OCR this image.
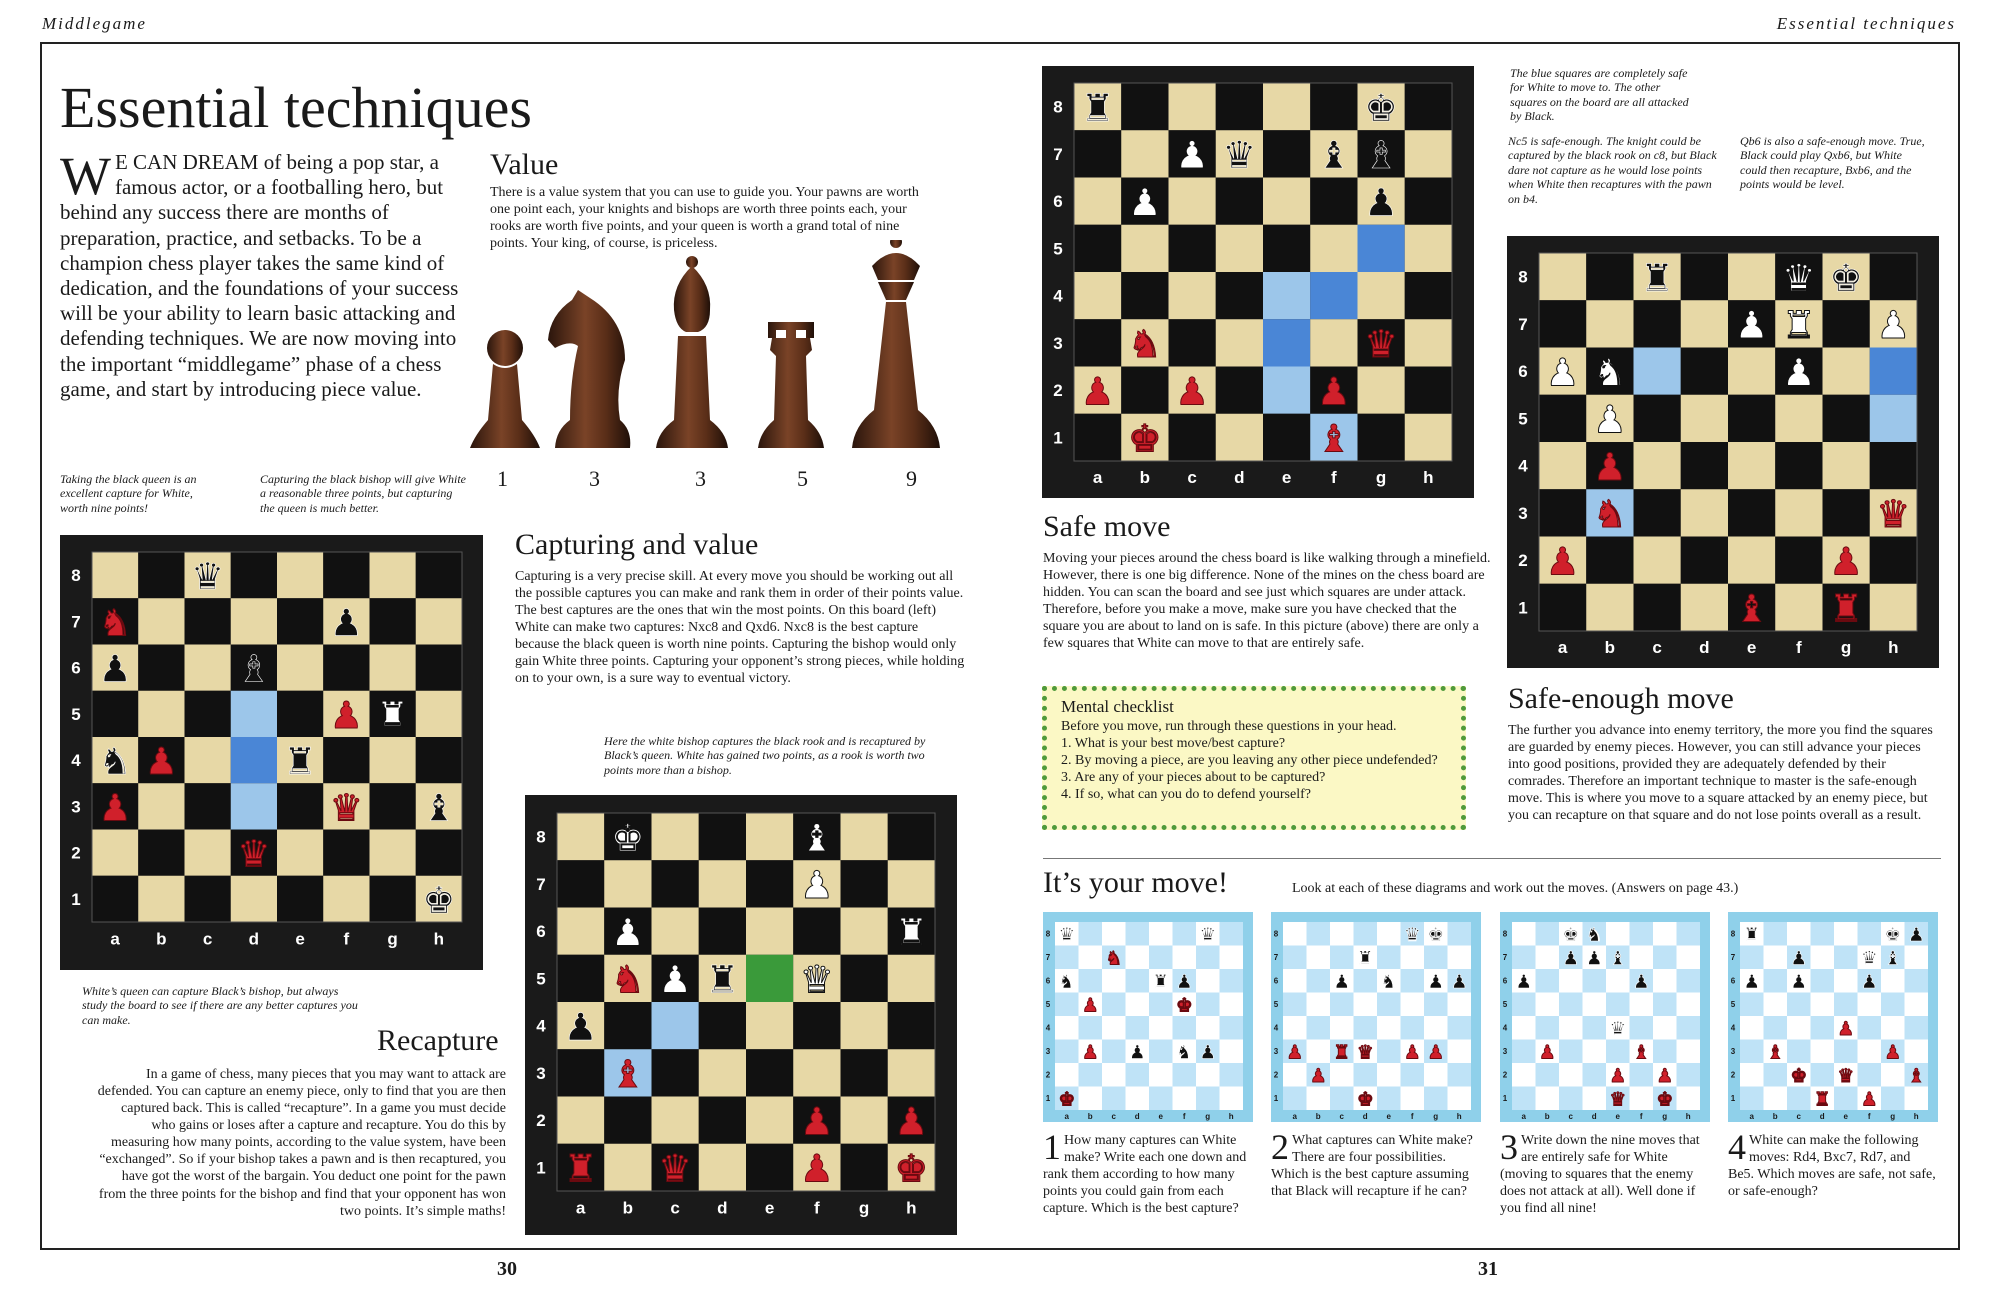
Middlegame	Essential techniques
Essential techniques
W E CAN DREAM of being a pop star, a famous actor, or a footballing hero, but behind any success there are months of preparation, practice, and setbacks. To be a champion chess player takes the same kind of dedication, and the foundations of your success will be your ability to learn basic attacking and defending techniques. We are now moving into the important “middlegame” phase of a chess game, and start by introducing piece value.
Value
There is a value system that you can use to guide you. Your pawns are worth one point each, your knights and bishops are worth three points each, your rooks are worth five points, and your queen is worth a grand total of nine points. Your king, of course, is priceless.
1	3	3	5	9
Taking the black queen is an excellent capture for White, worth nine points!
Capturing the black bishop will give White a reasonable three points, but capturing the queen is much better.
a b c d e f g h
8
7
6
5
4
3
2
1
♛
♞	♟
♟	♝
♟ ♜
♞ ♟	♜
♟	♛ ♝
♛
♚
White’s queen can capture Black’s bishop, but always study the board to see if there are any better captures you can make.
Capturing and value
Capturing is a very precise skill. At every move you should be working out all the possible captures you can make and rank them in order of their points value. The best captures are the ones that win the most points. On this board (left) White can make two captures: Nxc8 and Qxd6. Nxc8 is the best capture because the black queen is worth nine points. Capturing the bishop would only gain White three points. Capturing your opponent’s strong pieces, while holding on to your own, is a sure way to eventual victory.
Here the white bishop captures the black rook and is recaptured by Black’s queen. White has gained two points, as a rook is worth two points more than a bishop.
a b c d e f g h
8
7
6
5
4
3
2
1
♚	♝
♟
♟	♜
♞ ♟ ♜ ♛
♟
♝
♟ ♟
♜ ♛	♟ ♚
Recapture
In a game of chess, many pieces that you may want to attack are defended. You can capture an enemy piece, only to find that you are then captured back. This is called “recapture”. In a game you must decide who gains or loses after a capture and recapture. You do this by measuring how many points, according to the value system, have been “exchanged”. So if your bishop takes a pawn and is then recaptured, you have got the worst of the bargain. You deduct one point for the pawn from the three points for the bishop and find that your opponent has won two points. It’s simple maths!
30
a b c d e f g h
8
7
6
5
4
3
2
1
♜	♚
♟ ♛ ♝ ♝
♟	♟
♞	♛
♟ ♟	♟
♚	♝
The blue squares are completely safe for White to move to. The other squares on the board are all attacked by Black.
Safe move
Moving your pieces around the chess board is like walking through a minefield. However, there is one big difference. None of the mines on the chess board are hidden. You can scan the board and see just which squares are under attack. Therefore, before you make a move, make sure you have checked that the square you are about to land on is safe. In this picture (above) there are only a few squares that White can move to that are entirely safe.
Mental checklist
Before you move, run through these questions in your head.
1. What is your best move/best capture?
2. By moving a piece, are you leaving any other piece undefended?
3. Are any of your pieces about to be captured?
4. If so, what can you do to defend yourself?
Nc5 is safe-enough. The knight could be captured by the black rook on c8, but Black dare not capture as he would lose points when White then recaptures with the pawn on b4.
Qb6 is also a safe-enough move. True, Black could play Qxb6, but White could then recapture, Bxb6, and the points would be level.
a b c d e f g h
8
7
6
5
4
3
2
1
♜	♛ ♚
♟ ♜ ♟
♟ ♞	♟
♟
♟
♞	♛
♟	♟
♝ ♜
Safe-enough move
The further you advance into enemy territory, the more you find the squares are guarded by enemy pieces. However, you can still advance your pieces into good positions, provided they are adequately defended by their comrades. Therefore an important technique to master is the safe-enough move. This is where you move to a square attacked by an enemy piece, but you can recapture on that square and do not lose points overall as a result.
It’s your move!	Look at each of these diagrams and work out the moves. (Answers on page 43.)
a b c d e f g h
8
7
6
5
4
3
2
1
♛	♛
♞
♞	♜ ♟
♟	♚
♟ ♟ ♞ ♟
♚
a b c d e f g h
8
7
6
5
4
3
2
1
♛ ♚
♜
♟ ♞ ♟ ♟
♟ ♜ ♛ ♟ ♟
♟
♚
a b c d e f g h
8
7
6
5
4
3
2
1
♚ ♞
♟ ♟ ♝
♟	♟
♛
♟	♝
♟ ♟
♛ ♚
a b c d e f g h
8
7
6
5
4
3
2
1
♜	♚ ♟
♟	♛ ♝
♟ ♟	♟
♟
♝	♟
♚ ♛	♝
♜ ♟
1 How many captures can White make? Write each one down and rank them according to how many points you could gain from each capture. Which is the best capture?
2 What captures can White make? There are four possibilities. Which is the best capture assuming that Black will recapture if he can?
3 Write down the nine moves that are entirely safe for White (moving to squares that the enemy does not attack at all). Well done if you find all nine!
4 White can make the following moves: Rd4, Bxc7, Rd7, and Be5. Which moves are safe, not safe, or safe-enough?
31
